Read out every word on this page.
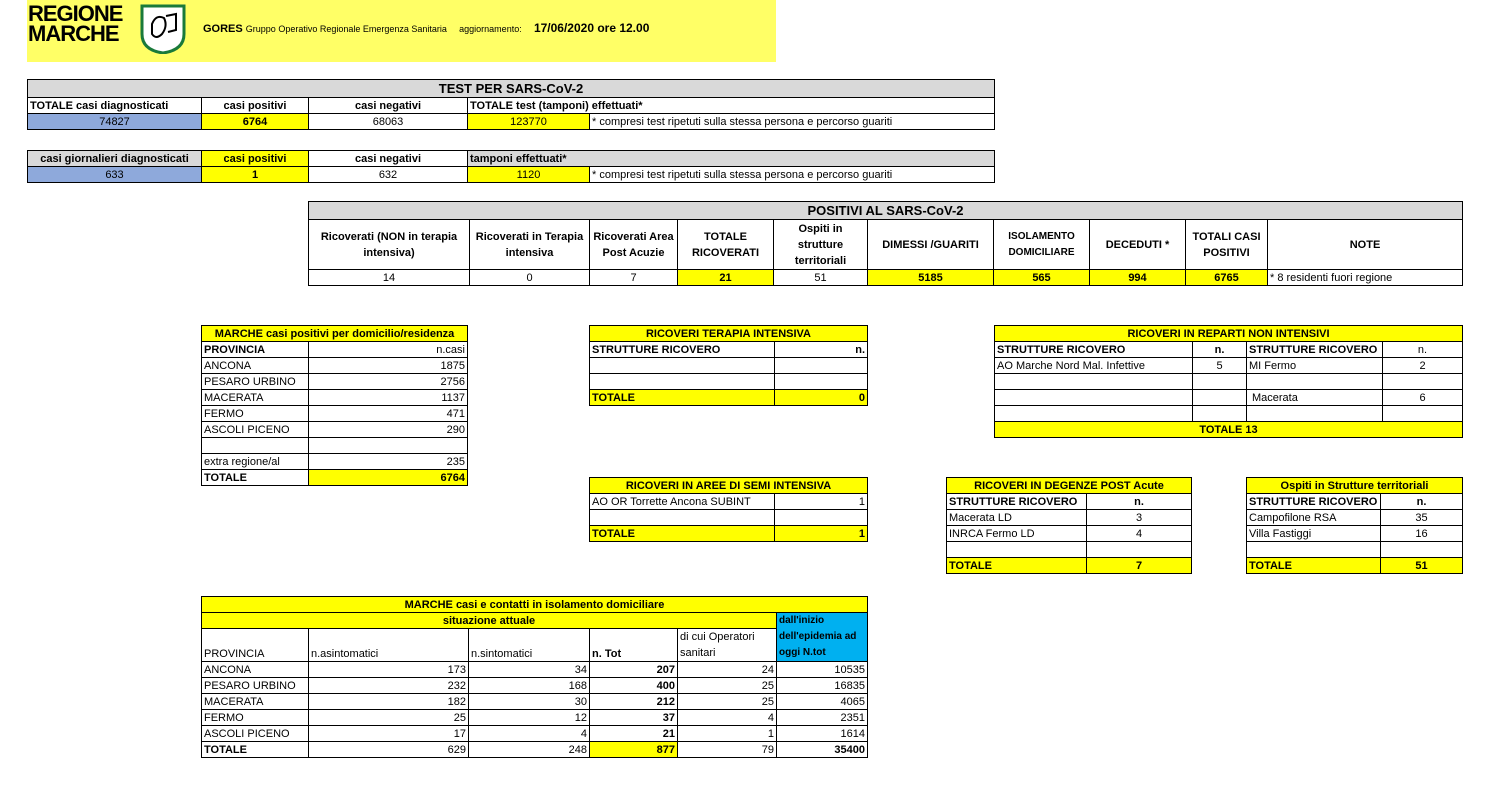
REGIONE
MARCHE	GORES Gruppo Operativo Regionale Emergenza Sanitaria aggiornamento: 17/06/2020 ore 12.00
TEST PER SARS-CoV-2				
TOTALE casi diagnosticati	casi positivi	casi negativi	TOTALE test (tamponi) effettuati*	
74827	6764	68063	123770	* compresi test ripetuti sulla stessa persona e percorso guariti
casi giornalieri diagnosticati	casi positivi	casi negativi	tamponi effettuati*	
633	1	632	1120	* compresi test ripetuti sulla stessa persona e percorso guariti
POSITIVI AL SARS-CoV-2									
Ricoverati (NON in terapia intensiva)	Ricoverati in Terapia intensiva	Ricoverati Area Post Acuzie	TOTALE RICOVERATI	Ospiti in strutture territoriali	DIMESSI /GUARITI	ISOLAMENTO DOMICILIARE	DECEDUTI *	TOTALI CASI POSITIVI	NOTE
14	0	7	21	51	5185	565	994	6765	* 8 residenti fuori regione
MARCHE casi positivi per domicilio/residenza	
PROVINCIA	n.casi
ANCONA	1875
PESARO URBINO	2756
MACERATA	1137
FERMO	471
ASCOLI PICENO	290

extra regione/al	235
TOTALE	6764
RICOVERI TERAPIA INTENSIVA	
STRUTTURE RICOVERO	n.

TOTALE	0
RICOVERI IN REPARTI NON INTENSIVI			
STRUTTURE RICOVERO	n.	STRUTTURE RICOVERO	n.
AO Marche Nord Mal. Infettive	5	MI Fermo	2

		Macerata	6

TOTALE 13			
RICOVERI IN AREE DI SEMI INTENSIVA	
AO OR Torrette Ancona SUBINT	1

TOTALE	1
RICOVERI IN DEGENZE POST Acute	
STRUTTURE RICOVERO	n.
Macerata LD	3
INRCA Fermo LD	4

TOTALE	7
Ospiti in Strutture territoriali	
STRUTTURE RICOVERO	n.
Campofilone RSA	35
Villa Fastiggi	16

TOTALE	51
MARCHE casi e contatti in isolamento domiciliare					
situazione attuale					dall'inizio dell'epidemia ad oggi N.tot
PROVINCIA	n.asintomatici	n.sintomatici	n. Tot	di cui Operatori sanitari	
ANCONA	173	34	207	24	10535
PESARO URBINO	232	168	400	25	16835
MACERATA	182	30	212	25	4065
FERMO	25	12	37	4	2351
ASCOLI PICENO	17	4	21	1	1614
TOTALE	629	248	877	79	35400
